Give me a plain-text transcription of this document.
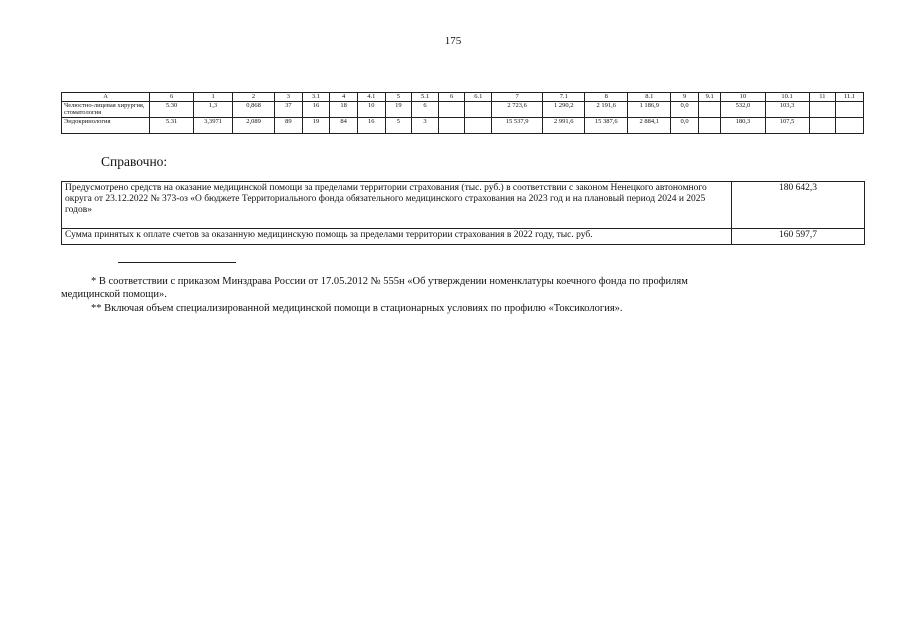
175
А	6	1	2	3	3.1	4	4.1	5	5.1	6	6.1	7	7.1	8	8.1	9	9.1	10	10.1	11	11.1
Челюстно-лицевая хирургия, стоматология	5.30	1,3	0,868	37	16	18	10	19	6			2 723,6	1 290,2	2 191,6	1 186,9	0,0		532,0	103,3		
Эндокринология	5.31	3,3971	2,089	89	19	84	16	5	3			15 537,9	2 991,6	15 387,6	2 884,1	0,0		180,3	107,5		
Справочно:
Предусмотрено средств на оказание медицинской помощи за пределами территории страхования (тыс. руб.) в соответствии с законом Ненецкого автономного округа от 23.12.2022 № 373-оз «О бюджете Территориального фонда обязательного медицинского страхования на 2023 год и на плановый период 2024 и 2025 годов»	180 642,3
Сумма принятых к оплате счетов за оказанную медицинскую помощь за пределами территории страхования в 2022 году, тыс. руб.	160 597,7
* В соответствии с приказом Минздрава России от 17.05.2012 № 555н «Об утверждении номенклатуры коечного фонда по профилям
медицинской помощи».
** Включая объем специализированной медицинской помощи в стационарных условиях по профилю «Токсикология».
